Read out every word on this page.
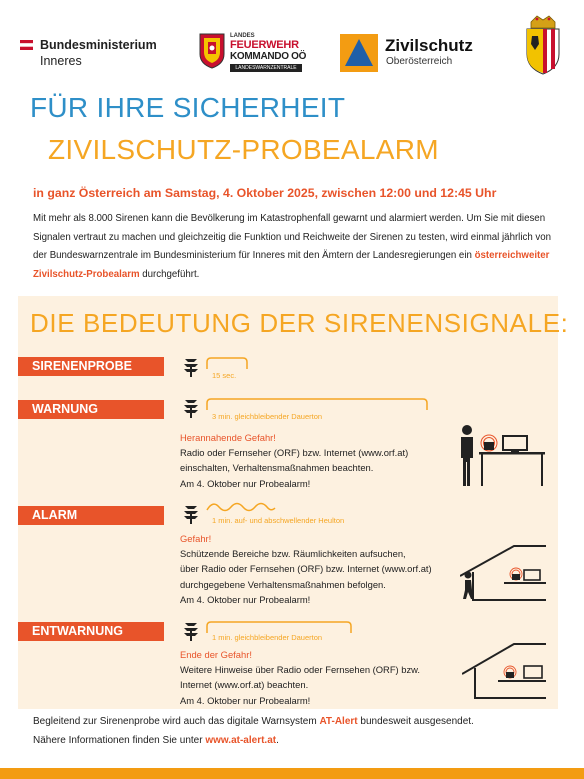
Bundesministerium
Inneres
LANDES
FEUERWEHR
KOMMANDO OÖ
LANDESWARNZENTRALE
Zivilschutz
Oberösterreich
FÜR IHRE SICHERHEIT
ZIVILSCHUTZ-PROBEALARM
in ganz Österreich am Samstag, 4. Oktober 2025, zwischen 12:00 und 12:45 Uhr
Mit mehr als 8.000 Sirenen kann die Bevölkerung im Katastrophenfall gewarnt und alarmiert werden. Um Sie mit diesen Signalen vertraut zu machen und gleichzeitig die Funktion und Reichweite der Sirenen zu testen, wird einmal jährlich von der Bundeswarnzentrale im Bundesministerium für Inneres mit den Ämtern der Landesregierungen ein österreichweiter Zivilschutz-Probealarm durchgeführt.
DIE BEDEUTUNG DER SIRENENSIGNALE:
SIRENENPROBE
15 sec.
WARNUNG
3 min. gleichbleibender Dauerton
Herannahende Gefahr!
Radio oder Fernseher (ORF) bzw. Internet (www.orf.at)
einschalten, Verhaltensmaßnahmen beachten.
Am 4. Oktober nur Probealarm!
ALARM	1 min. auf- und abschwellender Heulton
Gefahr!
Schützende Bereiche bzw. Räumlichkeiten aufsuchen,
über Radio oder Fernsehen (ORF) bzw. Internet (www.orf.at)
durchgegebene Verhaltensmaßnahmen befolgen.
Am 4. Oktober nur Probealarm!
ENTWARNUNG	1 min. gleichbleibender Dauerton
Ende der Gefahr!
Weitere Hinweise über Radio oder Fernsehen (ORF) bzw.
Internet (www.orf.at) beachten.
Am 4. Oktober nur Probealarm!
Begleitend zur Sirenenprobe wird auch das digitale Warnsystem AT-Alert bundesweit ausgesendet.
Nähere Informationen finden Sie unter www.at-alert.at.
